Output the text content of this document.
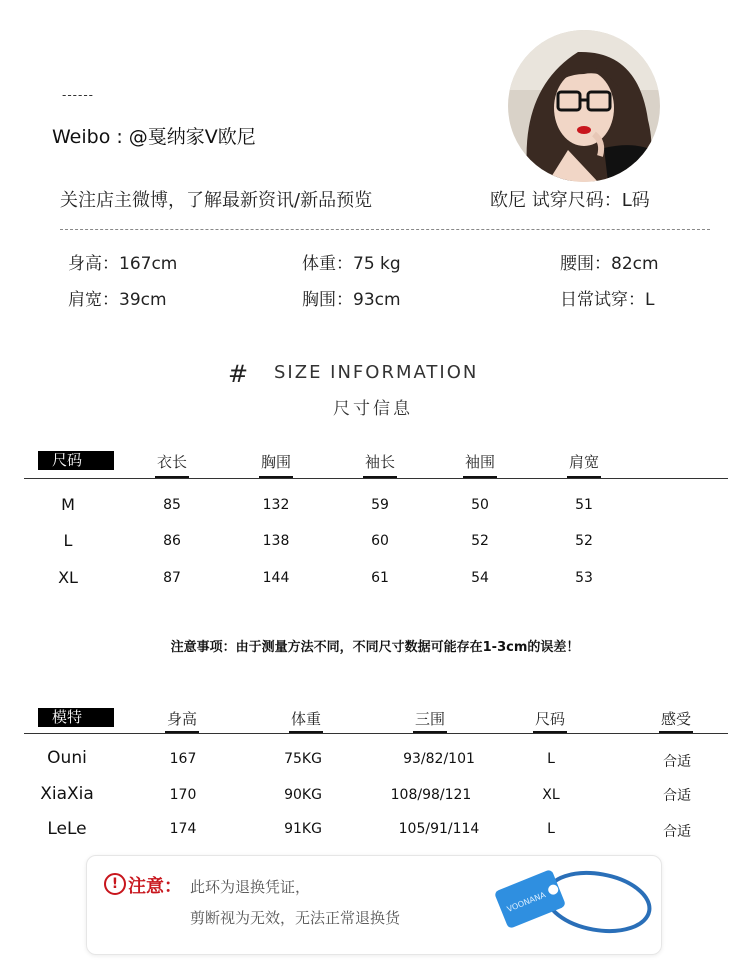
------
Weibo : @戛纳家V欧尼
关注店主微博，了解最新资讯/新品预览	欧尼 试穿尺码：L码
身高：167cm	体重：75 kg	腰围：82cm
肩宽：39cm	胸围：93cm	日常试穿：L
# SIZE INFORMATION
尺寸信息
尺码	衣长	胸围	袖长	袖围	肩宽
M	85	132	59	50	51
L	86	138	60	52	52
XL	87	144	61	54	53
注意事项：由于测量方法不同，不同尺寸数据可能存在1-3cm的误差！
模特	身高	体重	三围	尺码	感受
Ouni	167	75KG	93/82/101	L	合适
XiaXia	170	90KG	108/98/121	XL	合适
LeLe	174	91KG	105/91/114	L	合适
! 注意： 此环为退换凭证，
剪断视为无效，无法正常退换货
VOONANA
